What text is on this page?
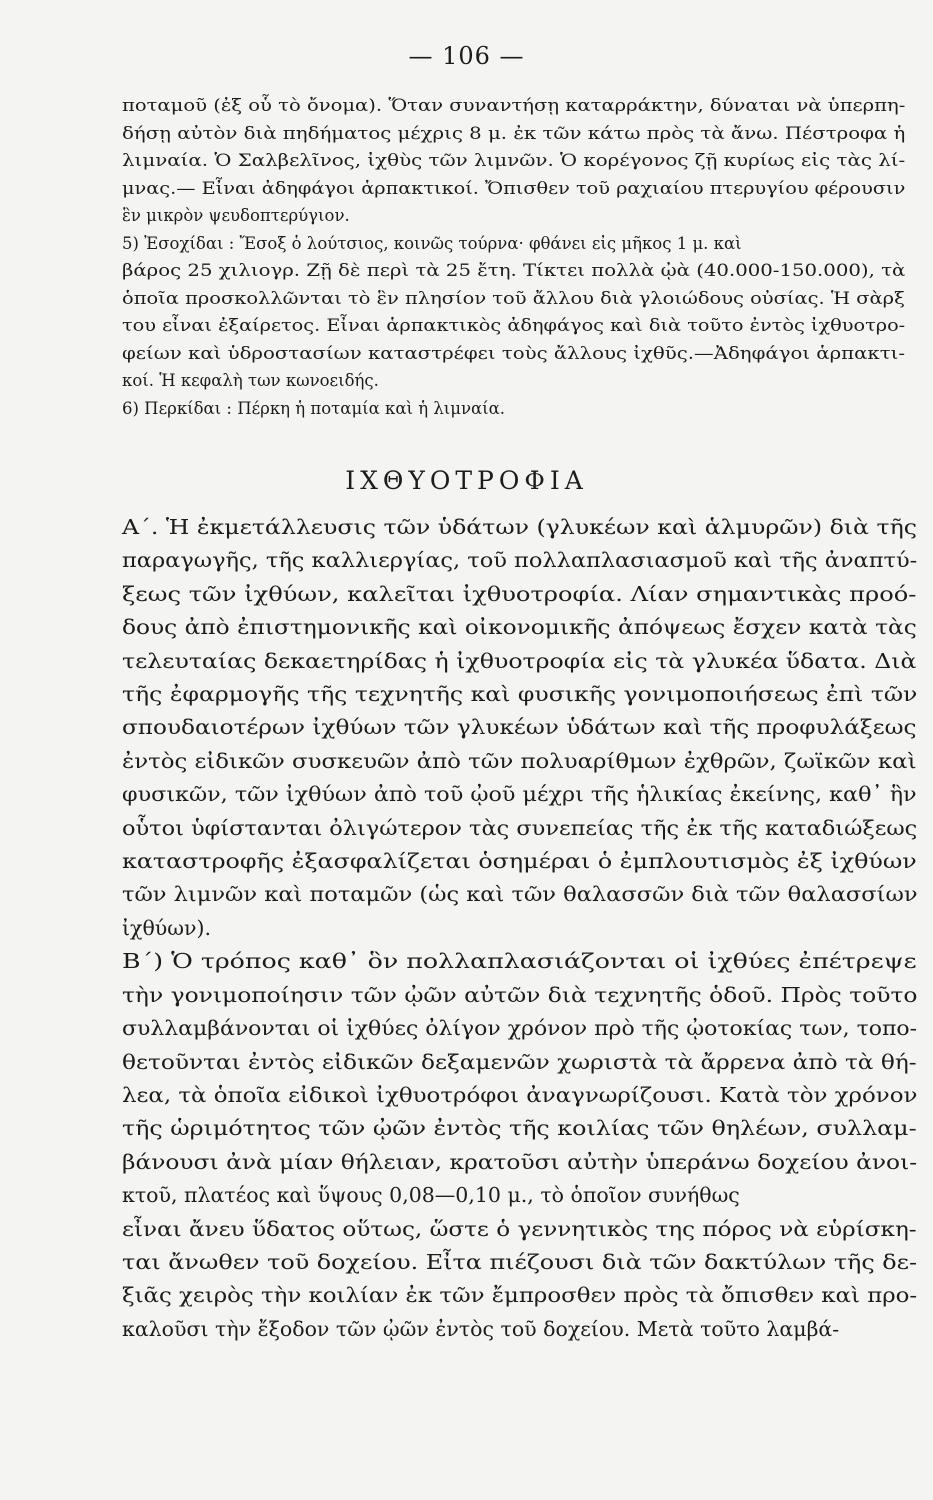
— 106 —
ποταμοῦ (ἐξ οὗ τὸ ὄνομα). Ὅταν συναντήσῃ καταρράκτην, δύναται νὰ ὑπερπη-
δήσῃ αὐτὸν διὰ πηδήματος μέχρις 8 μ. ἐκ τῶν κάτω πρὸς τὰ ἄνω. Πέστροφα ἡ
λιμναία. Ὁ Σαλβελῖνος, ἰχθὺς τῶν λιμνῶν. Ὁ κορέγονος ζῇ κυρίως εἰς τὰς λί-
μνας.— Εἶναι ἀδηφάγοι ἁρπακτικοί. Ὄπισθεν τοῦ ραχιαίου πτερυγίου φέρουσιν
ἓν μικρὸν ψευδοπτερύγιον.
5) Ἐσοχίδαι : Ἔσοξ ὁ λούτσιος, κοινῶς τούρνα· φθάνει εἰς μῆκος 1 μ. καὶ
βάρος 25 χιλιογρ. Ζῇ δὲ περὶ τὰ 25 ἔτη. Τίκτει πολλὰ ᾠὰ (40.000-150.000), τὰ
ὁποῖα προσκολλῶνται τὸ ἓν πλησίον τοῦ ἄλλου διὰ γλοιώδους οὐσίας. Ἡ σὰρξ
του εἶναι ἐξαίρετος. Εἶναι ἁρπακτικὸς ἀδηφάγος καὶ διὰ τοῦτο ἐντὸς ἰχθυοτρο-
φείων καὶ ὑδροστασίων καταστρέφει τοὺς ἄλλους ἰχθῦς.—Ἀδηφάγοι ἁρπακτι-
κοί. Ἡ κεφαλὴ των κωνοειδής.
6) Περκίδαι : Πέρκη ἡ ποταμία καὶ ἡ λιμναία.
ΙΧΘΥΟΤΡΟΦΙΑ
Α΄. Ἡ ἐκμετάλλευσις τῶν ὑδάτων (γλυκέων καὶ ἁλμυρῶν) διὰ τῆς
παραγωγῆς, τῆς καλλιεργίας, τοῦ πολλαπλασιασμοῦ καὶ τῆς ἀναπτύ-
ξεως τῶν ἰχθύων, καλεῖται ἰχθυοτροφία. Λίαν σημαντικὰς προό-
δους ἀπὸ ἐπιστημονικῆς καὶ οἰκονομικῆς ἀπόψεως ἔσχεν κατὰ τὰς
τελευταίας δεκαετηρίδας ἡ ἰχθυοτροφία εἰς τὰ γλυκέα ὕδατα. Διὰ
τῆς ἐφαρμογῆς τῆς τεχνητῆς καὶ φυσικῆς γονιμοποιήσεως ἐπὶ τῶν
σπουδαιοτέρων ἰχθύων τῶν γλυκέων ὑδάτων καὶ τῆς προφυλάξεως
ἐντὸς εἰδικῶν συσκευῶν ἀπὸ τῶν πολυαρίθμων ἐχθρῶν, ζωϊκῶν καὶ
φυσικῶν, τῶν ἰχθύων ἀπὸ τοῦ ᾠοῦ μέχρι τῆς ἡλικίας ἐκείνης, καθ᾽ ἣν
οὗτοι ὑφίστανται ὀλιγώτερον τὰς συνεπείας τῆς ἐκ τῆς καταδιώξεως
καταστροφῆς ἐξασφαλίζεται ὁσημέραι ὁ ἐμπλουτισμὸς ἐξ ἰχθύων
τῶν λιμνῶν καὶ ποταμῶν (ὡς καὶ τῶν θαλασσῶν διὰ τῶν θαλασσίων
ἰχθύων).
Β΄) Ὁ τρόπος καθ᾽ ὃν πολλαπλασιάζονται οἱ ἰχθύες ἐπέτρεψε
τὴν γονιμοποίησιν τῶν ᾠῶν αὐτῶν διὰ τεχνητῆς ὁδοῦ. Πρὸς τοῦτο
συλλαμβάνονται οἱ ἰχθύες ὀλίγον χρόνον πρὸ τῆς ᾠοτοκίας των, τοπο-
θετοῦνται ἐντὸς εἰδικῶν δεξαμενῶν χωριστὰ τὰ ἄρρενα ἀπὸ τὰ θή-
λεα, τὰ ὁποῖα εἰδικοὶ ἰχθυοτρόφοι ἀναγνωρίζουσι. Κατὰ τὸν χρόνον
τῆς ὡριμότητος τῶν ᾠῶν ἐντὸς τῆς κοιλίας τῶν θηλέων, συλλαμ-
βάνουσι ἀνὰ μίαν θήλειαν, κρατοῦσι αὐτὴν ὑπεράνω δοχείου ἀνοι-
κτοῦ, πλατέος καὶ ὕψους 0,08—0,10 μ., τὸ ὁποῖον συνήθως
εἶναι ἄνευ ὕδατος οὕτως, ὥστε ὁ γεννητικὸς της πόρος νὰ εὑρίσκη-
ται ἄνωθεν τοῦ δοχείου. Εἶτα πιέζουσι διὰ τῶν δακτύλων τῆς δε-
ξιᾶς χειρὸς τὴν κοιλίαν ἐκ τῶν ἔμπροσθεν πρὸς τὰ ὄπισθεν καὶ προ-
καλοῦσι τὴν ἔξοδον τῶν ᾠῶν ἐντὸς τοῦ δοχείου. Μετὰ τοῦτο λαμβά-
